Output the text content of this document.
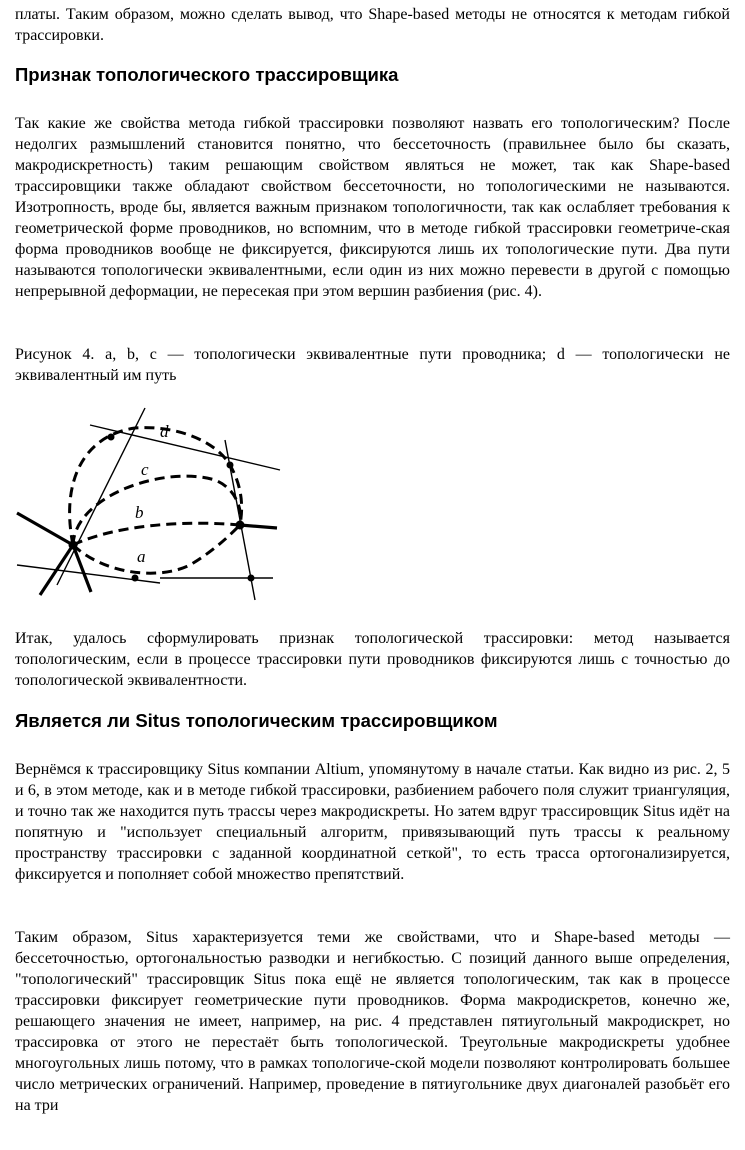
платы. Таким образом, можно сделать вывод, что Shape-based методы не относятся к методам гибкой трассировки.

Признак топологического трассировщика

Так какие же свойства метода гибкой трассировки позволяют назвать его топологическим? После недолгих размышлений становится понятно, что бессеточность (правильнее было бы сказать, макродискретность) таким решающим свойством являться не может, так как Shape-based трассировщики также обладают свойством бессеточности, но топологическими не называются. Изотропность, вроде бы, является важным признаком топологичности, так как ослабляет требования к геометрической форме проводников, но вспомним, что в методе гибкой трассировки геометриче-ская форма проводников вообще не фиксируется, фиксируются лишь их топологические пути. Два пути называются топологически эквивалентными, если один из них можно перевести в другой с помощью непрерывной деформации, не пересекая при этом вершин разбиения (рис. 4).

Рисунок 4. a, b, c — топологически эквивалентные пути проводника; d — топологически не эквивалентный им путь

a
b
c
d

Итак, удалось сформулировать признак топологической трассировки: метод называется топологическим, если в процессе трассировки пути проводников фиксируются лишь с точностью до топологической эквивалентности.

Является ли Situs топологическим трассировщиком

Вернёмся к трассировщику Situs компании Altium, упомянутому в начале статьи. Как видно из рис. 2, 5 и 6, в этом методе, как и в методе гибкой трассировки, разбиением рабочего поля служит триангуляция, и точно так же находится путь трассы через макродискреты. Но затем вдруг трассировщик Situs идёт на попятную и "использует специальный алгоритм, привязывающий путь трассы к реальному пространству трассировки с заданной координатной сеткой", то есть трасса ортогонализируется, фиксируется и пополняет собой множество препятствий.

Таким образом, Situs характеризуется теми же свойствами, что и Shape-based методы — бессеточностью, ортогональностью разводки и негибкостью. С позиций данного выше определения, "топологический" трассировщик Situs пока ещё не является топологическим, так как в процессе трассировки фиксирует геометрические пути проводников. Форма макродискретов, конечно же, решающего значения не имеет, например, на рис. 4 представлен пятиугольный макродискрет, но трассировка от этого не перестаёт быть топологической. Треугольные макродискреты удобнее многоугольных лишь потому, что в рамках топологиче-ской модели позволяют контролировать большее число метрических ограничений. Например, проведение в пятиугольнике двух диагоналей разобьёт его на три
